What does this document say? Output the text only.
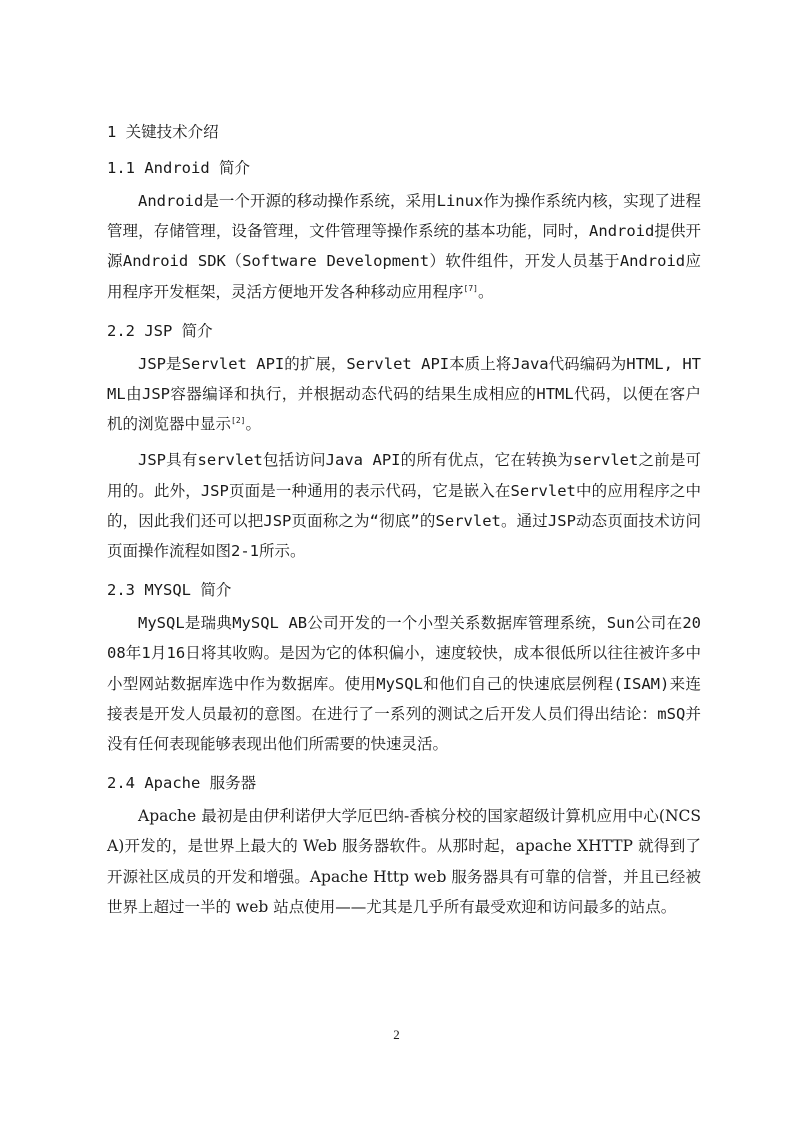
1 关键技术介绍
1.1 Android 简介

Android是一个开源的移动操作系统，采用Linux作为操作系统内核，实现了进程管理，存储管理，设备管理，文件管理等操作系统的基本功能，同时，Android提供开源Android SDK（Software Development）软件组件，开发人员基于Android应用程序开发框架，灵活方便地开发各种移动应用程序[7]。

2.2 JSP 简介

JSP是Servlet API的扩展，Servlet API本质上将Java代码编码为HTML, HTML由JSP容器编译和执行，并根据动态代码的结果生成相应的HTML代码，以便在客户机的浏览器中显示[2]。

JSP具有servlet包括访问Java API的所有优点，它在转换为servlet之前是可用的。此外，JSP页面是一种通用的表示代码，它是嵌入在Servlet中的应用程序之中的，因此我们还可以把JSP页面称之为“彻底”的Servlet。通过JSP动态页面技术访问页面操作流程如图2-1所示。

2.3 MYSQL 简介

MySQL是瑞典MySQL AB公司开发的一个小型关系数据库管理系统，Sun公司在2008年1月16日将其收购。是因为它的体积偏小，速度较快，成本很低所以往往被许多中小型网站数据库选中作为数据库。使用MySQL和他们自己的快速底层例程(ISAM)来连接表是开发人员最初的意图。在进行了一系列的测试之后开发人员们得出结论：mSQ并没有任何表现能够表现出他们所需要的快速灵活。

2.4 Apache 服务器

Apache 最初是由伊利诺伊大学厄巴纳-香槟分校的国家超级计算机应用中心(NCSA)开发的，是世界上最大的 Web 服务器软件。从那时起，apache XHTTP 就得到了开源社区成员的开发和增强。Apache Http web 服务器具有可靠的信誉，并且已经被世界上超过一半的 web 站点使用——尤其是几乎所有最受欢迎和访问最多的站点。

2
